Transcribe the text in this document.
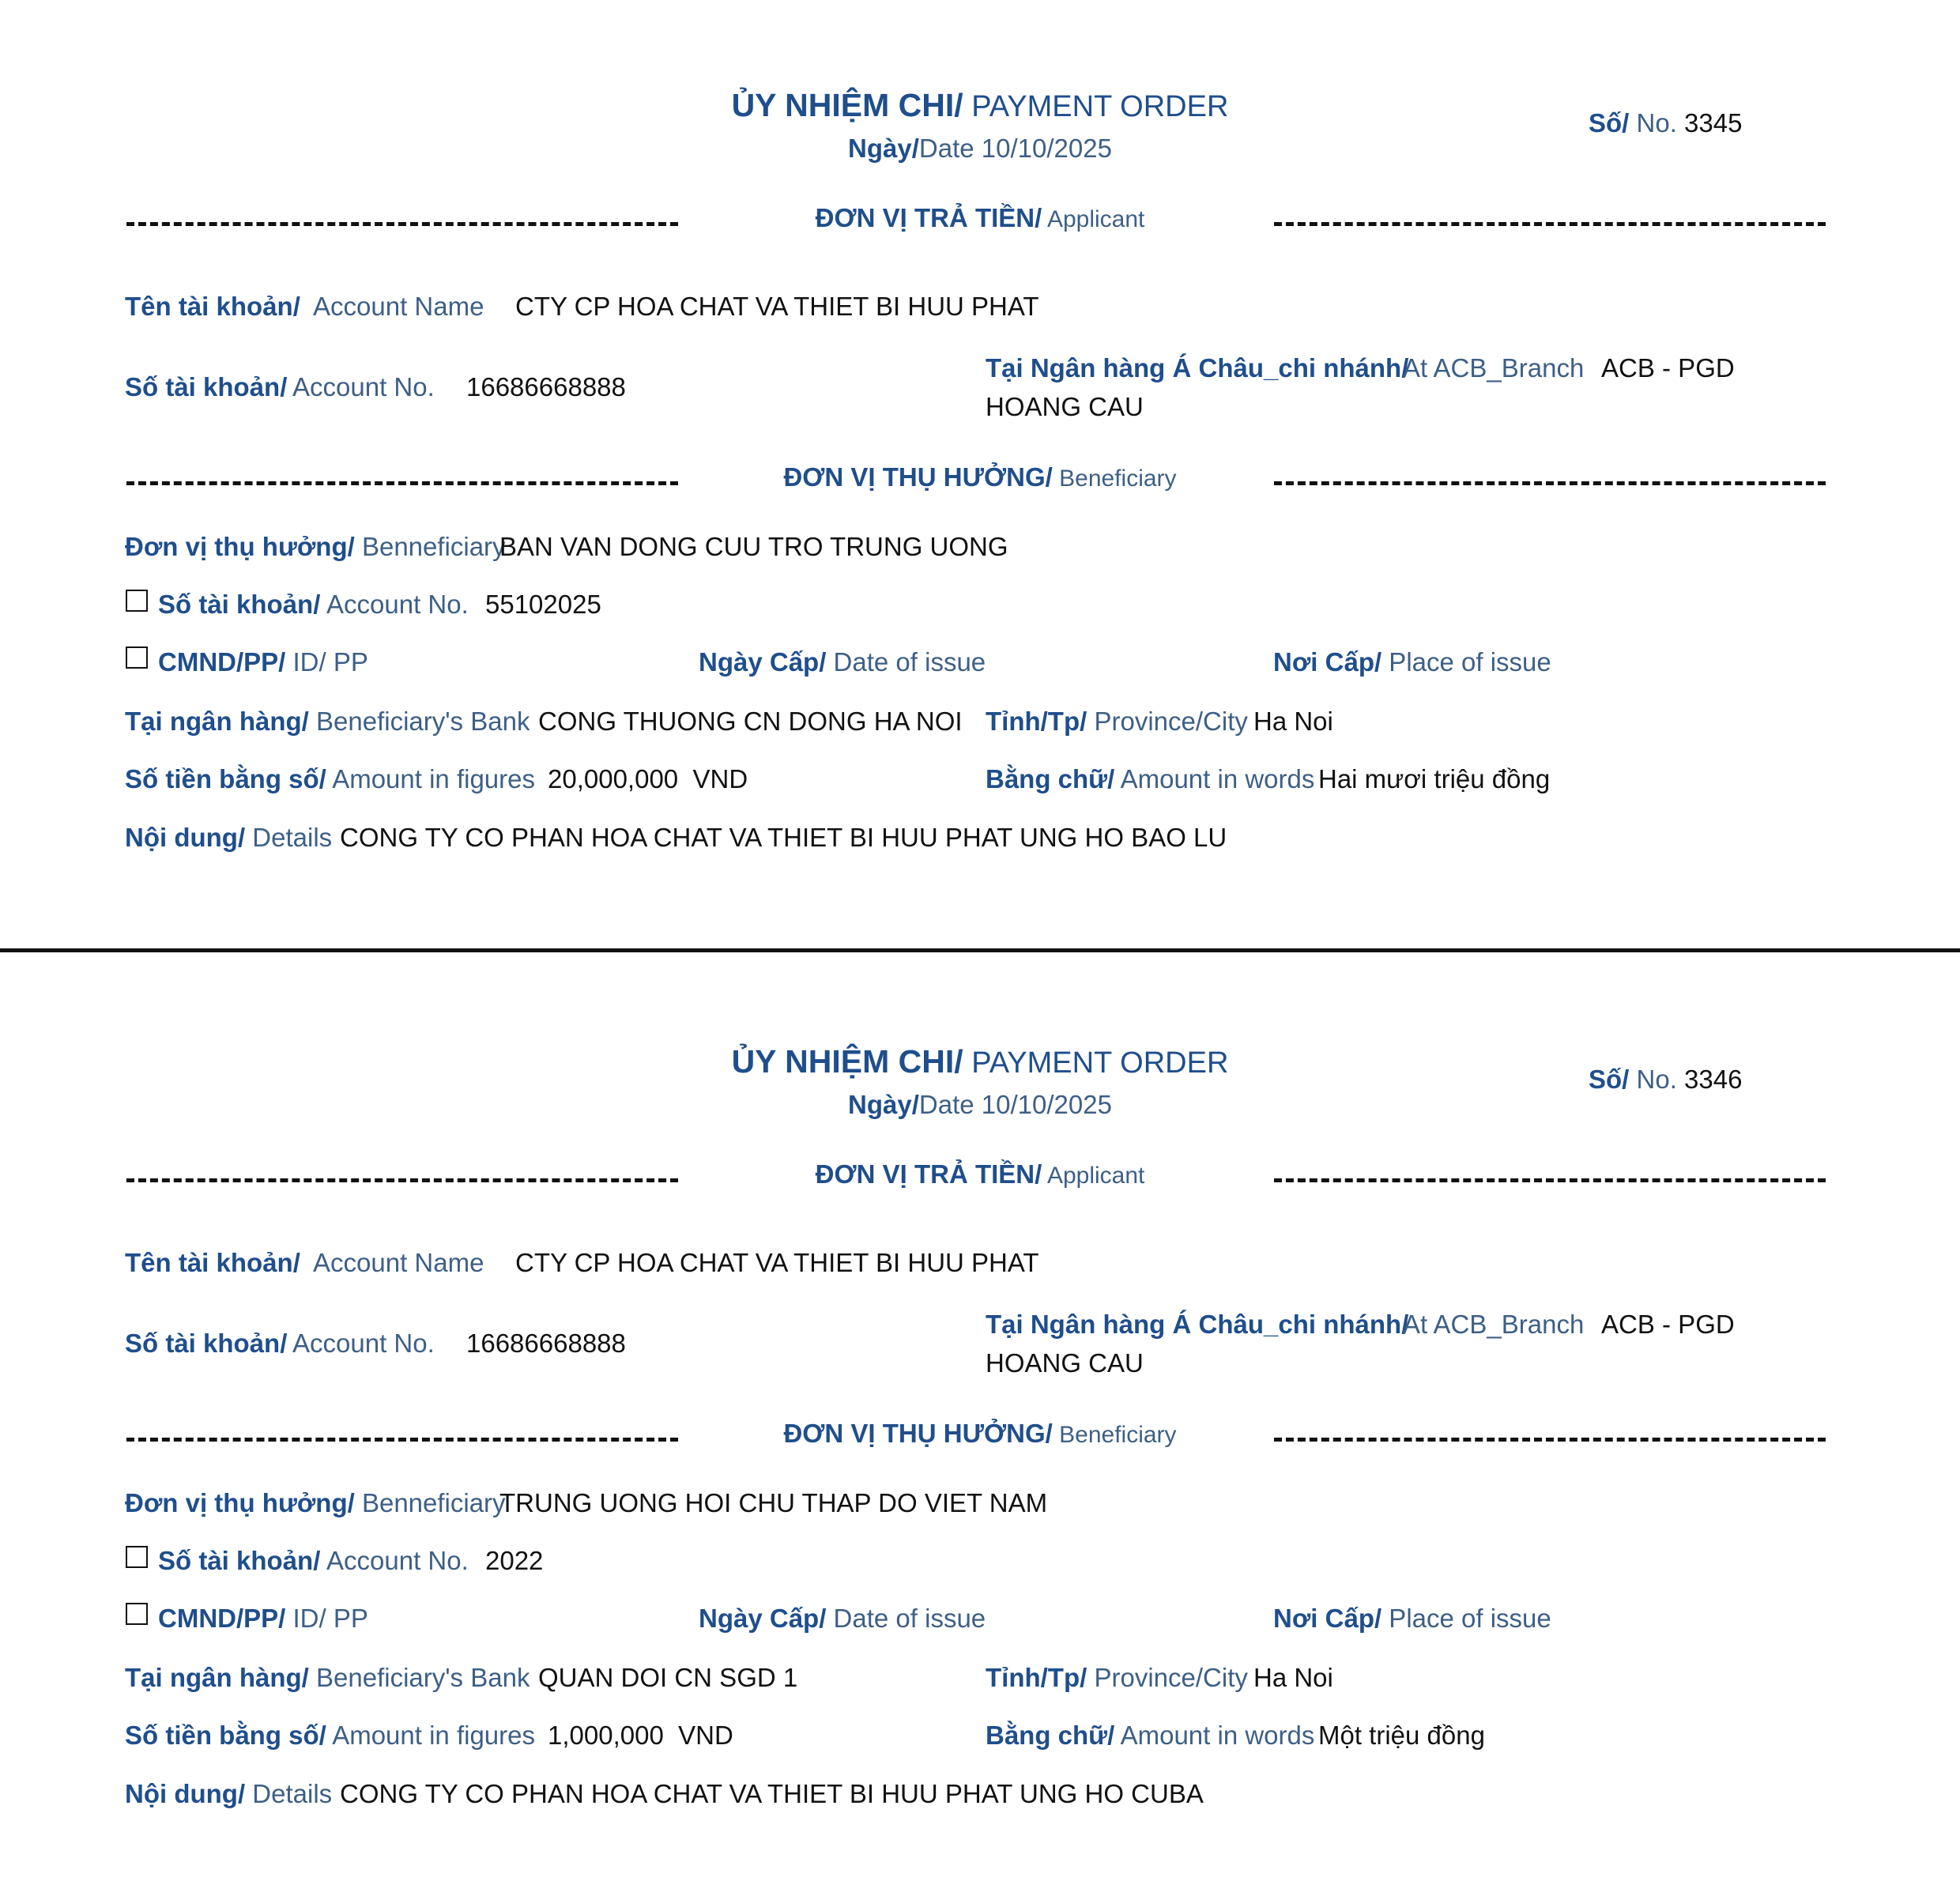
ỦY NHIỆM CHI/ PAYMENT ORDER
Ngày/Date 10/10/2025
Số/ No. 3345
ĐƠN VỊ TRẢ TIỀN/ Applicant
Tên tài khoản/ Account Name CTY CP HOA CHAT VA THIET BI HUU PHAT
Số tài khoản/ Account No. 16686668888
Tại Ngân hàng Á Châu_chi nhánh/
At ACB_Branch ACB - PGD
HOANG CAU
ĐƠN VỊ THỤ HƯỞNG/ Beneficiary
Đơn vị thụ hưởng/ Benneficiary
BAN VAN DONG CUU TRO TRUNG UONG
Số tài khoản/ Account No. 55102025
CMND/PP/ ID/ PP	Ngày Cấp/ Date of issue	Nơi Cấp/ Place of issue
Tại ngân hàng/ Beneficiary's Bank CONG THUONG CN DONG HA NOI Tỉnh/Tp/ Province/City Ha Noi
Số tiền bằng số/ Amount in figures 20,000,000 VND	Bằng chữ/ Amount in words Hai mươi triệu đồng
Nội dung/ Details CONG TY CO PHAN HOA CHAT VA THIET BI HUU PHAT UNG HO BAO LU
ỦY NHIỆM CHI/ PAYMENT ORDER
Ngày/Date 10/10/2025
Số/ No. 3346
ĐƠN VỊ TRẢ TIỀN/ Applicant
Tên tài khoản/ Account Name CTY CP HOA CHAT VA THIET BI HUU PHAT
Số tài khoản/ Account No. 16686668888
Tại Ngân hàng Á Châu_chi nhánh/
At ACB_Branch ACB - PGD
HOANG CAU
ĐƠN VỊ THỤ HƯỞNG/ Beneficiary
Đơn vị thụ hưởng/ Benneficiary
TRUNG UONG HOI CHU THAP DO VIET NAM
Số tài khoản/ Account No. 2022
CMND/PP/ ID/ PP	Ngày Cấp/ Date of issue	Nơi Cấp/ Place of issue
Tại ngân hàng/ Beneficiary's Bank QUAN DOI CN SGD 1	Tỉnh/Tp/ Province/City Ha Noi
Số tiền bằng số/ Amount in figures 1,000,000 VND	Bằng chữ/ Amount in words Một triệu đồng
Nội dung/ Details CONG TY CO PHAN HOA CHAT VA THIET BI HUU PHAT UNG HO CUBA
